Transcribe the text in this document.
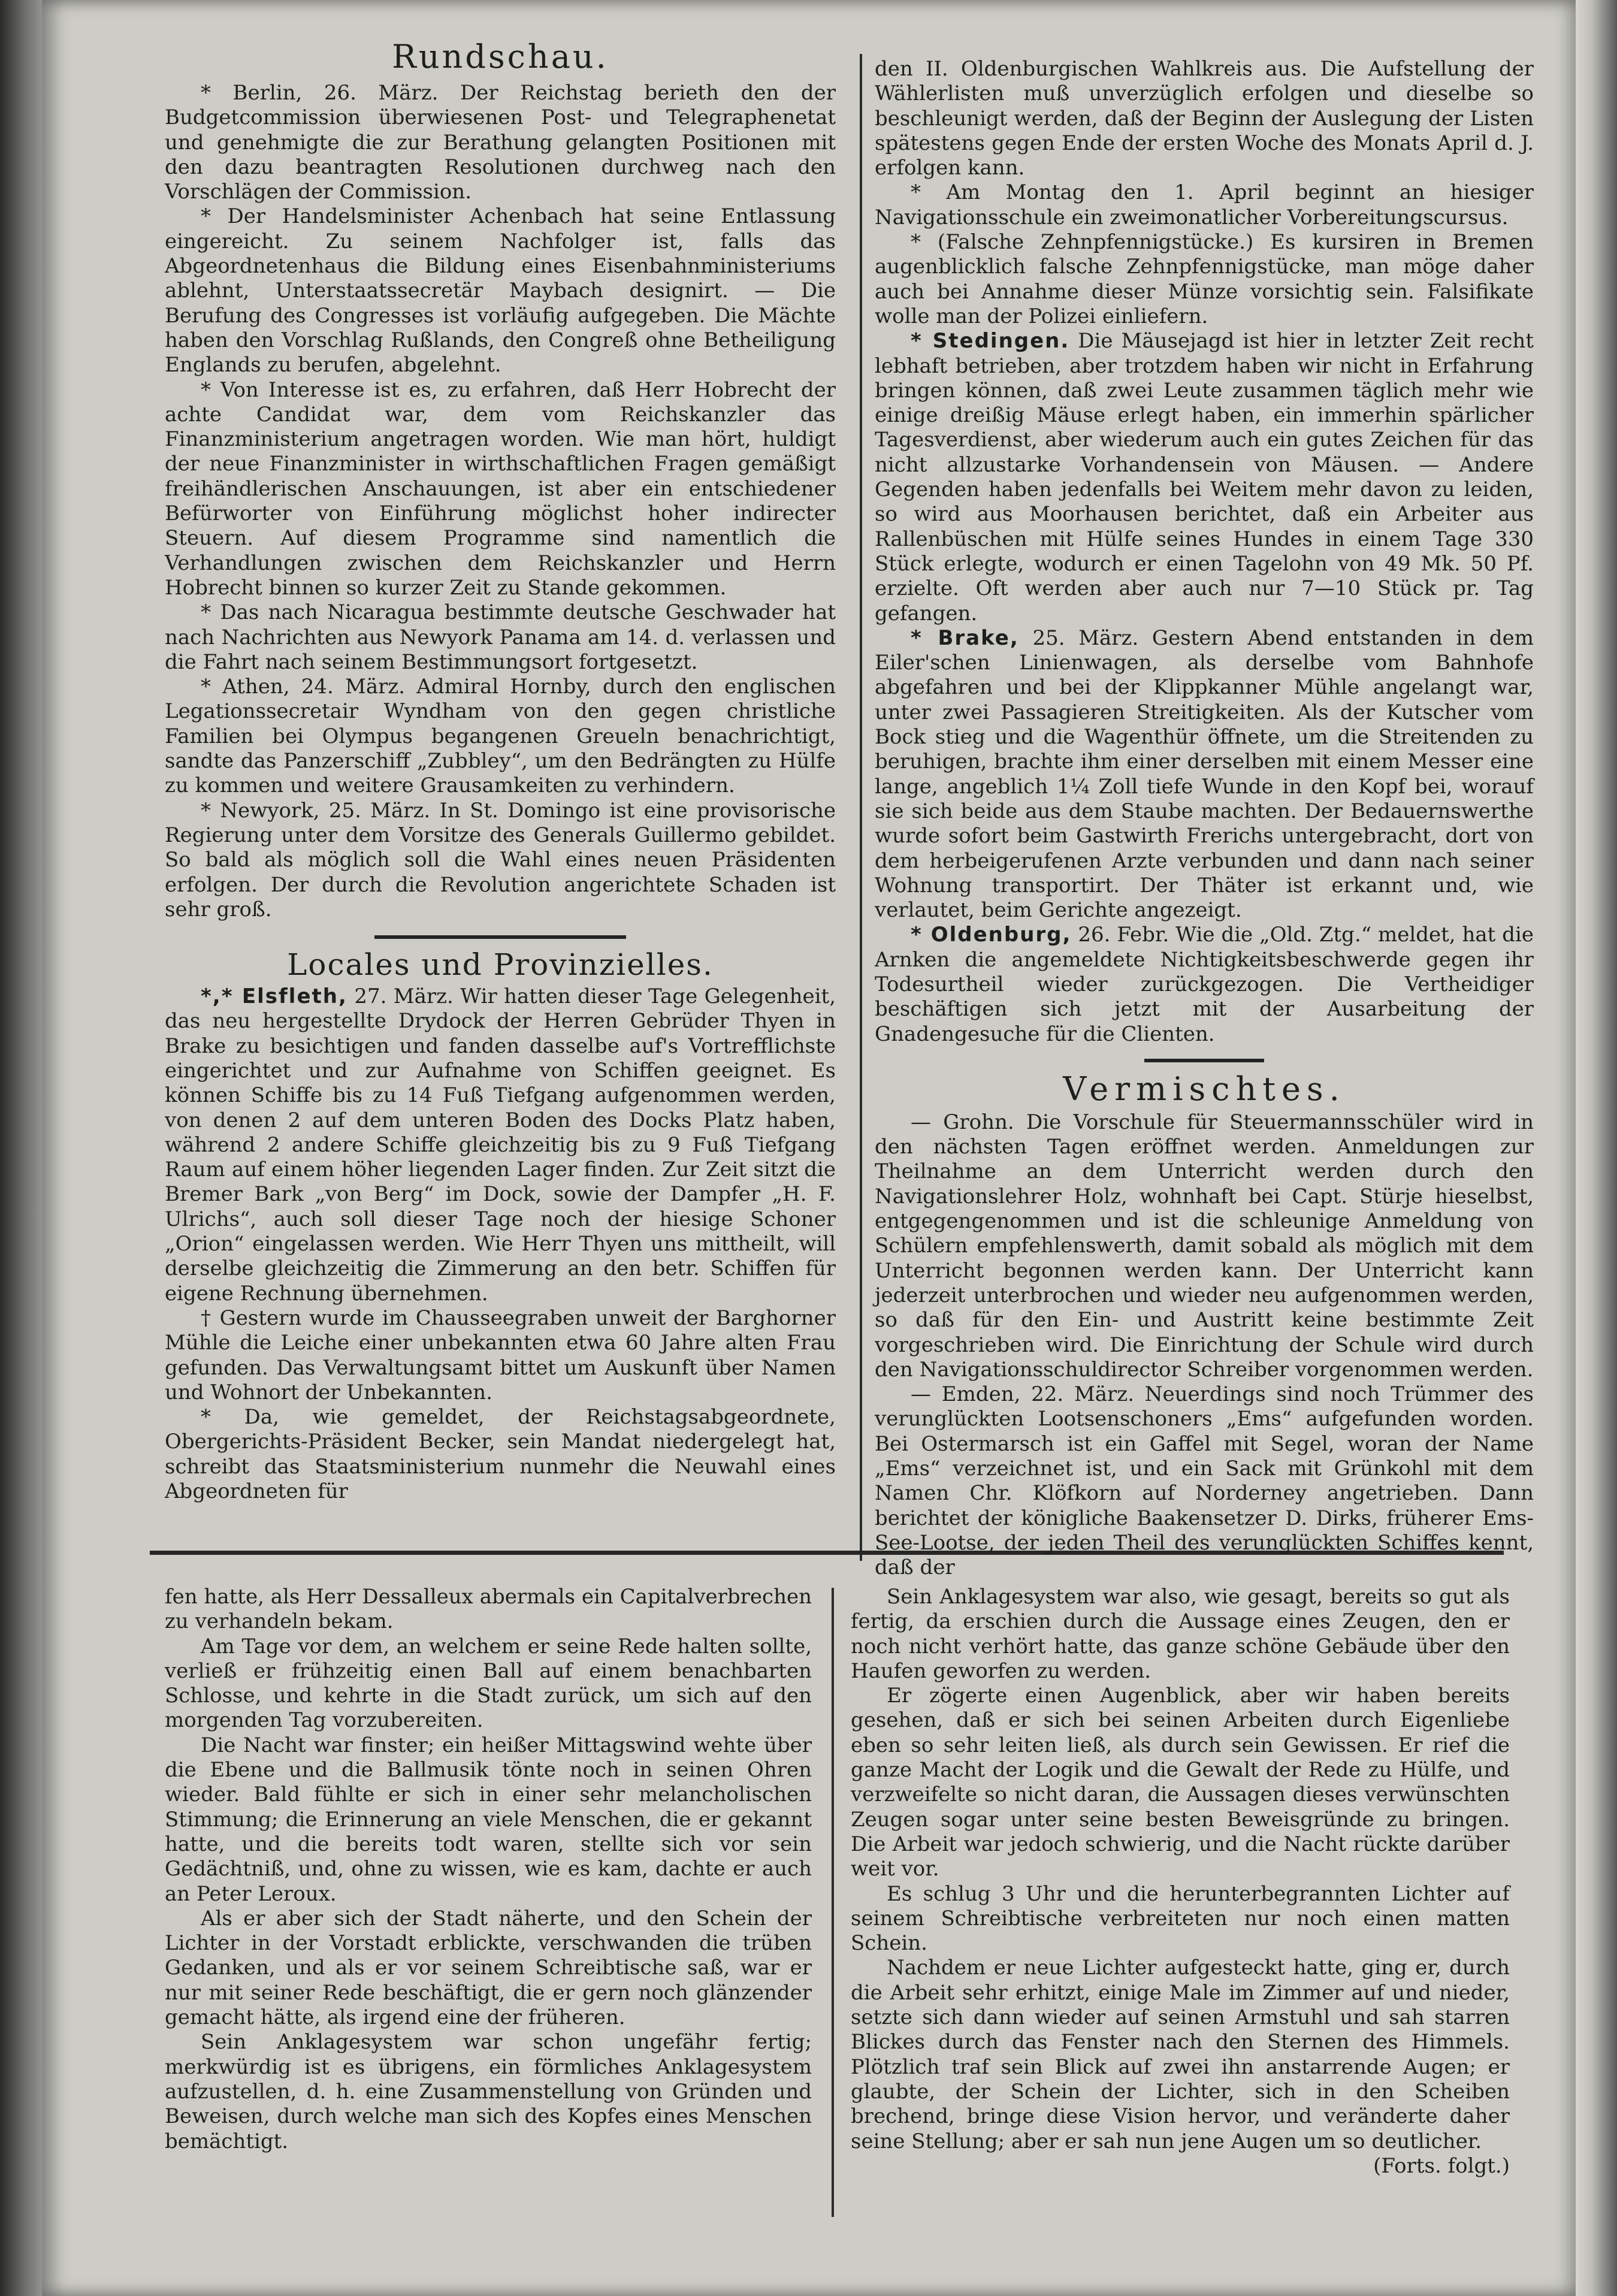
Rundschau.

* Berlin, 26. März. Der Reichstag berieth den der Budgetcommission überwiesenen Post- und Telegraphenetat und genehmigte die zur Berathung gelangten Positionen mit den dazu beantragten Resolutionen durchweg nach den Vorschlägen der Commission.

* Der Handelsminister Achenbach hat seine Entlassung eingereicht. Zu seinem Nachfolger ist, falls das Abgeordnetenhaus die Bildung eines Eisenbahnministeriums ablehnt, Unterstaatssecretär Maybach designirt. — Die Berufung des Congresses ist vorläufig aufgegeben. Die Mächte haben den Vorschlag Rußlands, den Congreß ohne Betheiligung Englands zu berufen, abgelehnt.

* Von Interesse ist es, zu erfahren, daß Herr Hobrecht der achte Candidat war, dem vom Reichskanzler das Finanzministerium angetragen worden. Wie man hört, huldigt der neue Finanzminister in wirthschaftlichen Fragen gemäßigt freihändlerischen Anschauungen, ist aber ein entschiedener Befürworter von Einführung möglichst hoher indirecter Steuern. Auf diesem Programme sind namentlich die Verhandlungen zwischen dem Reichskanzler und Herrn Hobrecht binnen so kurzer Zeit zu Stande gekommen.

* Das nach Nicaragua bestimmte deutsche Geschwader hat nach Nachrichten aus Newyork Panama am 14. d. verlassen und die Fahrt nach seinem Bestimmungsort fortgesetzt.

* Athen, 24. März. Admiral Hornby, durch den englischen Legationssecretair Wyndham von den gegen christliche Familien bei Olympus begangenen Greueln benachrichtigt, sandte das Panzerschiff „Zubbley“, um den Bedrängten zu Hülfe zu kommen und weitere Grausamkeiten zu verhindern.

* Newyork, 25. März. In St. Domingo ist eine provisorische Regierung unter dem Vorsitze des Generals Guillermo gebildet. So bald als möglich soll die Wahl eines neuen Präsidenten erfolgen. Der durch die Revolution angerichtete Schaden ist sehr groß.

Locales und Provinzielles.

*,* Elsfleth, 27. März. Wir hatten dieser Tage Gelegenheit, das neu hergestellte Drydock der Herren Gebrüder Thyen in Brake zu besichtigen und fanden dasselbe auf's Vortrefflichste eingerichtet und zur Aufnahme von Schiffen geeignet. Es können Schiffe bis zu 14 Fuß Tiefgang aufgenommen werden, von denen 2 auf dem unteren Boden des Docks Platz haben, während 2 andere Schiffe gleichzeitig bis zu 9 Fuß Tiefgang Raum auf einem höher liegenden Lager finden. Zur Zeit sitzt die Bremer Bark „von Berg“ im Dock, sowie der Dampfer „H. F. Ulrichs“, auch soll dieser Tage noch der hiesige Schoner „Orion“ eingelassen werden. Wie Herr Thyen uns mittheilt, will derselbe gleichzeitig die Zimmerung an den betr. Schiffen für eigene Rechnung übernehmen.

† Gestern wurde im Chausseegraben unweit der Barghorner Mühle die Leiche einer unbekannten etwa 60 Jahre alten Frau gefunden. Das Verwaltungsamt bittet um Auskunft über Namen und Wohnort der Unbekannten.

* Da, wie gemeldet, der Reichstagsabgeordnete, Obergerichts-Präsident Becker, sein Mandat niedergelegt hat, schreibt das Staatsministerium nunmehr die Neuwahl eines Abgeordneten für

den II. Oldenburgischen Wahlkreis aus. Die Aufstellung der Wählerlisten muß unverzüglich erfolgen und dieselbe so beschleunigt werden, daß der Beginn der Auslegung der Listen spätestens gegen Ende der ersten Woche des Monats April d. J. erfolgen kann.

* Am Montag den 1. April beginnt an hiesiger Navigationsschule ein zweimonatlicher Vorbereitungscursus.

* (Falsche Zehnpfennigstücke.) Es kursiren in Bremen augenblicklich falsche Zehnpfennigstücke, man möge daher auch bei Annahme dieser Münze vorsichtig sein. Falsifikate wolle man der Polizei einliefern.

* Stedingen. Die Mäusejagd ist hier in letzter Zeit recht lebhaft betrieben, aber trotzdem haben wir nicht in Erfahrung bringen können, daß zwei Leute zusammen täglich mehr wie einige dreißig Mäuse erlegt haben, ein immerhin spärlicher Tagesverdienst, aber wiederum auch ein gutes Zeichen für das nicht allzustarke Vorhandensein von Mäusen. — Andere Gegenden haben jedenfalls bei Weitem mehr davon zu leiden, so wird aus Moorhausen berichtet, daß ein Arbeiter aus Rallenbüschen mit Hülfe seines Hundes in einem Tage 330 Stück erlegte, wodurch er einen Tagelohn von 49 Mk. 50 Pf. erzielte. Oft werden aber auch nur 7—10 Stück pr. Tag gefangen.

* Brake, 25. März. Gestern Abend entstanden in dem Eiler'schen Linienwagen, als derselbe vom Bahnhofe abgefahren und bei der Klippkanner Mühle angelangt war, unter zwei Passagieren Streitigkeiten. Als der Kutscher vom Bock stieg und die Wagenthür öffnete, um die Streitenden zu beruhigen, brachte ihm einer derselben mit einem Messer eine lange, angeblich 1¼ Zoll tiefe Wunde in den Kopf bei, worauf sie sich beide aus dem Staube machten. Der Bedauernswerthe wurde sofort beim Gastwirth Frerichs untergebracht, dort von dem herbeigerufenen Arzte verbunden und dann nach seiner Wohnung transportirt. Der Thäter ist erkannt und, wie verlautet, beim Gerichte angezeigt.

* Oldenburg, 26. Febr. Wie die „Old. Ztg.“ meldet, hat die Arnken die angemeldete Nichtigkeitsbeschwerde gegen ihr Todesurtheil wieder zurückgezogen. Die Vertheidiger beschäftigen sich jetzt mit der Ausarbeitung der Gnadengesuche für die Clienten.

Vermischtes.

— Grohn. Die Vorschule für Steuermannsschüler wird in den nächsten Tagen eröffnet werden. Anmeldungen zur Theilnahme an dem Unterricht werden durch den Navigationslehrer Holz, wohnhaft bei Capt. Stürje hieselbst, entgegengenommen und ist die schleunige Anmeldung von Schülern empfehlenswerth, damit sobald als möglich mit dem Unterricht begonnen werden kann. Der Unterricht kann jederzeit unterbrochen und wieder neu aufgenommen werden, so daß für den Ein- und Austritt keine bestimmte Zeit vorgeschrieben wird. Die Einrichtung der Schule wird durch den Navigationsschuldirector Schreiber vorgenommen werden.

— Emden, 22. März. Neuerdings sind noch Trümmer des verunglückten Lootsenschoners „Ems“ aufgefunden worden. Bei Ostermarsch ist ein Gaffel mit Segel, woran der Name „Ems“ verzeichnet ist, und ein Sack mit Grünkohl mit dem Namen Chr. Klöfkorn auf Norderney angetrieben. Dann berichtet der königliche Baakensetzer D. Dirks, früherer Ems-See-Lootse, der jeden Theil des verunglückten Schiffes kennt, daß der

fen hatte, als Herr Dessalleux abermals ein Capitalverbrechen zu verhandeln bekam.

Am Tage vor dem, an welchem er seine Rede halten sollte, verließ er frühzeitig einen Ball auf einem benachbarten Schlosse, und kehrte in die Stadt zurück, um sich auf den morgenden Tag vorzubereiten.

Die Nacht war finster; ein heißer Mittagswind wehte über die Ebene und die Ballmusik tönte noch in seinen Ohren wieder. Bald fühlte er sich in einer sehr melancholischen Stimmung; die Erinnerung an viele Menschen, die er gekannt hatte, und die bereits todt waren, stellte sich vor sein Gedächtniß, und, ohne zu wissen, wie es kam, dachte er auch an Peter Leroux.

Als er aber sich der Stadt näherte, und den Schein der Lichter in der Vorstadt erblickte, verschwanden die trüben Gedanken, und als er vor seinem Schreibtische saß, war er nur mit seiner Rede beschäftigt, die er gern noch glänzender gemacht hätte, als irgend eine der früheren.

Sein Anklagesystem war schon ungefähr fertig; merkwürdig ist es übrigens, ein förmliches Anklagesystem aufzustellen, d. h. eine Zusammenstellung von Gründen und Beweisen, durch welche man sich des Kopfes eines Menschen bemächtigt.

Sein Anklagesystem war also, wie gesagt, bereits so gut als fertig, da erschien durch die Aussage eines Zeugen, den er noch nicht verhört hatte, das ganze schöne Gebäude über den Haufen geworfen zu werden.

Er zögerte einen Augenblick, aber wir haben bereits gesehen, daß er sich bei seinen Arbeiten durch Eigenliebe eben so sehr leiten ließ, als durch sein Gewissen. Er rief die ganze Macht der Logik und die Gewalt der Rede zu Hülfe, und verzweifelte so nicht daran, die Aussagen dieses verwünschten Zeugen sogar unter seine besten Beweisgründe zu bringen. Die Arbeit war jedoch schwierig, und die Nacht rückte darüber weit vor.

Es schlug 3 Uhr und die herunterbegrannten Lichter auf seinem Schreibtische verbreiteten nur noch einen matten Schein.

Nachdem er neue Lichter aufgesteckt hatte, ging er, durch die Arbeit sehr erhitzt, einige Male im Zimmer auf und nieder, setzte sich dann wieder auf seinen Armstuhl und sah starren Blickes durch das Fenster nach den Sternen des Himmels. Plötzlich traf sein Blick auf zwei ihn anstarrende Augen; er glaubte, der Schein der Lichter, sich in den Scheiben brechend, bringe diese Vision hervor, und veränderte daher seine Stellung; aber er sah nun jene Augen um so deutlicher.

(Forts. folgt.)
